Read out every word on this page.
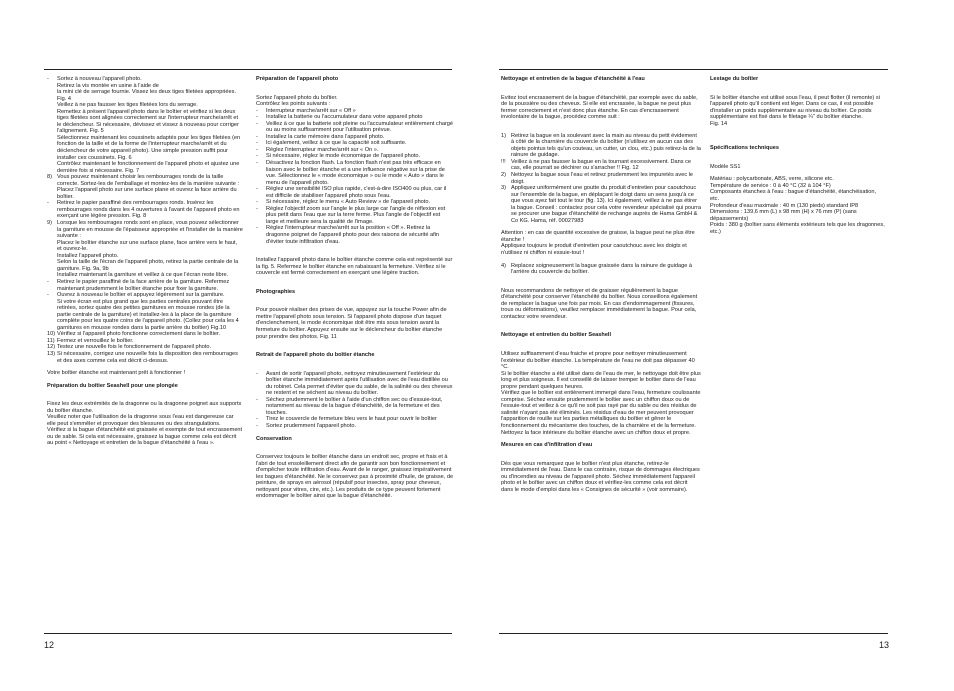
- Sortez à nouveau l'appareil photo.
Retirez la vis montée en usine à l'aide de
la mini clé de serrage fournie. Vissez les deux tiges filetées appropriées. Fig. 4
Veillez à ne pas fausser les tiges filetées lors du serrage.
Remettez à présent l'appareil photo dans le boîtier et vérifiez si les deux tiges filetées sont alignées correctement sur l'interrupteur marche/arrêt et le déclencheur. Si nécessaire, dévissez et vissez à nouveau pour corriger l'alignement. Fig. 5
Sélectionnez maintenant les coussinets adaptés pour les tiges filetées (en fonction de la taille et de la forme de l'interrupteur marche/arrêt et du déclencheur de votre appareil photo). Une simple pression suffit pour installer ces coussinets. Fig. 6
Contrôlez maintenant le fonctionnement de l'appareil photo et ajustez une dernière fois si nécessaire. Fig. 7
8) Vous pouvez maintenant choisir les rembourrages ronds de la taille correcte. Sortez-les de l'emballage et montez-les de la manière suivante :
Placez l'appareil photo sur une surface plane et ouvrez la face arrière du boîtier.
- Retirez le papier paraffiné des rembourrages ronds. Insérez les rembourrages ronds dans les 4 ouvertures à l'avant de l'appareil photo en exerçant une légère pression. Fig. 8
9) Lorsque les rembourrages ronds sont en place, vous pouvez sélectionner la garniture en mousse de l'épaisseur appropriée et l'installer de la manière suivante :
Placez le boîtier étanche sur une surface plane, face arrière vers le haut, et ouvrez-le.
Installez l'appareil photo.
Selon la taille de l'écran de l'appareil photo, retirez la partie centrale de la garniture. Fig. 9a, 9b
Installez maintenant la garniture et veillez à ce que l'écran reste libre.
- Retirez le papier paraffiné de la face arrière de la garniture. Refermez maintenant prudemment le boîtier étanche pour fixer la garniture.
- Ouvrez à nouveau le boîtier et appuyez légèrement sur la garniture.
Si votre écran est plus grand que les parties centrales pouvant être retirées, sortez quatre des petites garnitures en mousse rondes (de la partie centrale de la garniture) et installez-les à la place de la garniture complète pour les quatre coins de l'appareil photo. (Collez pour cela les 4 garnitures en mousse rondes dans la partie arrière du boîtier) Fig.10
10) Vérifiez si l'appareil photo fonctionne correctement dans le boîtier.
11) Fermez et verrouillez le boîtier.
12) Testez une nouvelle fois le fonctionnement de l'appareil photo.
13) Si nécessaire, corrigez une nouvelle fois la disposition des rembourrages et des axes comme cela est décrit ci-dessus.

Votre boîtier étanche est maintenant prêt à fonctionner !

Préparation du boîtier Seashell pour une plongée

Fixez les deux extrémités de la dragonne ou la dragonne poignet aux supports du boîtier étanche.

Veuillez noter que l'utilisation de la dragonne sous l'eau est dangereuse car elle peut s'emmêler et provoquer des blessures ou des strangulations.

Vérifiez si la bague d'étanchéité est graissée et exempte de tout encrassement ou de sable. Si cela est nécessaire, graissez la bague comme cela est décrit au point « Nettoyage et entretien de la bague d'étanchéité à l'eau ».

Préparation de l'appareil photo

Sortez l'appareil photo du boîtier.

Contrôlez les points suivants :

- Interrupteur marche/arrêt sur « Off »
- Installez la batterie ou l'accumulateur dans votre appareil photo
- Veillez à ce que la batterie soit pleine ou l'accumulateur entièrement chargé ou au moins suffisamment pour l'utilisation prévue.
- Installez la carte mémoire dans l'appareil photo.
- Ici également, veillez à ce que la capacité soit suffisante.
- Réglez l'interrupteur marche/arrêt sur « On ».
- Si nécessaire, réglez le mode économique de l'appareil photo.
- Désactivez la fonction flash. La fonction flash n'est pas très efficace en liaison avec le boîtier étanche et a une influence négative sur la prise de vue. Sélectionnez le « mode économique » ou le mode « Auto » dans le menu de l'appareil photo.
- Réglez une sensibilité ISO plus rapide, c'est-à-dire ISO400 ou plus, car il est difficile de stabiliser l'appareil photo sous l'eau.
- Si nécessaire, réglez le menu « Auto Review » de l'appareil photo.
- Réglez l'objectif zoom sur l'angle le plus large car l'angle de réflexion est plus petit dans l'eau que sur la terre ferme. Plus l'angle de l'objectif est large et meilleure sera la qualité de l'image.
- Réglez l'interrupteur marche/arrêt sur la position « Off ». Retirez la dragonne poignet de l'appareil photo pour des raisons de sécurité afin d'éviter toute infiltration d'eau.

Installez l'appareil photo dans le boîtier étanche comme cela est représenté sur la fig. 5. Refermez le boîtier étanche en rabaissant la fermeture. Vérifiez si le couvercle est fermé correctement en exerçant une légère traction.

Photographies

Pour pouvoir réaliser des prises de vue, appuyez sur la touche Power afin de mettre l'appareil photo sous tension. Si l'appareil photo dispose d'un taquet d'enclenchement, le mode économique doit être mis sous tension avant la fermeture du boîtier. Appuyez ensuite sur le déclencheur du boîtier étanche pour prendre des photos. Fig. 11

Retrait de l'appareil photo du boîtier étanche
- Avant de sortir l'appareil photo, nettoyez minutieusement l'extérieur du boîtier étanche immédiatement après l'utilisation avec de l'eau distillée ou du robinet. Cela permet d'éviter que du sable, de la salinité ou des cheveux ne restent et ne séchent au niveau du boîtier.
- Séchez prudemment le boîtier à l'aide d'un chiffon sec ou d'essuie-tout, notamment au niveau de la bague d'étanchéité, de la fermeture et des touches.
- Tirez le couvercle de fermeture bleu vers le haut pour ouvrir le boîtier
- Sortez prudemment l'appareil photo.
Conservation

Conservez toujours le boîtier étanche dans un endroit sec, propre et frais et à l'abri de tout ensoleillement direct afin de garantir son bon fonctionnement et d'empêcher toute infiltration d'eau. Avant de le ranger, graissez impérativement les bagues d'étanchéité. Ne le conservez pas à proximité d'huile, de graisse, de peinture, de sprays en aérosol (répulsif pour insectes, spray pour cheveux, nettoyant pour vitres, cire, etc.). Les produits de ce type peuvent fortement endommager le boîtier ainsi que la bague d'étanchéité.

12
Nettoyage et entretien de la bague d'étanchéité à l'eau

Evitez tout encrassement de la bague d'étanchéité, par exemple avec du sable, de la poussière ou des cheveux. Si elle est encrassée, la bague ne peut plus fermer correctement et n'est donc plus étanche. En cas d'encrassement involontaire de la bague, procédez comme suit :

1) Retirez la bague en la soulevant avec la main au niveau du petit évidement à côté de la charnière du couvercle du boîtier (n'utilisez en aucun cas des objets pointus tels qu'un couteau, un cutter, un clou, etc.) puis retirez-la de la rainure de guidage.
!!! Veillez à ne pas fausser la bague en la tournant excessivement. Dans ce cas, elle pourrait se déchirer ou s'arracher !! Fig. 12
2) Nettoyez la bague sous l'eau et retirez prudemment les impuretés avec le doigt.
3) Appliquez uniformément une goutte du produit d'entretien pour caoutchouc sur l'ensemble de la bague, en déplaçant le doigt dans un sens jusqu'à ce que vous ayez fait tout le tour (fig. 13). Ici également, veillez à ne pas étirer la bague. Conseil : contactez pour cela votre revendeur spécialisé qui pourra se procurer une bague d'étanchéité de rechange auprès de Hama GmbH & Co KG. Hama, réf. 00027983

Attention : en cas de quantité excessive de graisse, la bague peut ne plus être étanche !

Appliquez toujours le produit d'entretien pour caoutchouc avec les doigts et n'utilisez ni chiffon ni essuie-tout !

4) Replacez soigneusement la bague graissée dans la rainure de guidage à l'arrière du couvercle du boîtier.

Nous recommandons de nettoyer et de graisser régulièrement la bague d'étanchéité pour conserver l'étanchéité du boîtier. Nous conseillons également de remplacer la bague une fois par mois. En cas d'endommagement (fissures, trous ou déformations), veuillez remplacer immédiatement la bague. Pour cela, contactez votre revendeur.

Nettoyage et entretien du boîtier Seashell

Utilisez suffisamment d'eau fraiche et propre pour nettoyer minutieusement l'extérieur du boîtier étanche. La température de l'eau ne doit pas dépasser 40 °C.

Si le boîtier étanche a été utilisé dans de l'eau de mer, le nettoyage doit être plus long et plus soigneux. Il est conseillé de laisser tremper le boîtier dans de l'eau propre pendant quelques heures.

Vérifiez que le boîtier est entièrement immergé dans l'eau, fermeture coulissante comprise. Séchez ensuite prudemment le boîtier avec un chiffon doux ou de l'essuie-tout et veillez à ce qu'il ne soit pas rayé par du sable ou des résidus de salinité n'ayant pas été éliminés. Les résidus d'eau de mer peuvent provoquer l'apparition de rouille sur les parties métalliques du boîtier et gêner le fonctionnement du mécanisme des touches, de la charnière et de la fermeture. Nettoyez la face intérieure du boîtier étanche avec un chiffon doux et propre.

Mesures en cas d'infiltration d'eau

Dès que vous remarquez que le boîtier n'est plus étanche, retirez-le immédiatement de l'eau. Dans le cas contraire, risque de dommages électriques ou d'incendies au niveau de l'appareil photo. Séchez immédiatement l'appareil photo et le boîtier avec un chiffon doux et vérifiez-les comme cela est décrit dans le mode d'emploi dans les « Consignes de sécurité » (voir sommaire).

Lestage du boîtier

Si le boîtier étanche est utilisé sous l'eau, il peut flotter (il remonte) si l'appareil photo qu'il contient est léger. Dans ce cas, il est possible d'installer un poids supplémentaire au niveau du boîtier. Ce poids supplémentaire est fixé dans le filetage ¼" du boîtier étanche.

Fig. 14

Spécifications techniques

Modèle SS1

Matériau : polycarbonate, ABS, verre, silicone etc.

Température de service : 0 à 40 °C (32 à 104 °F)

Composants étanches à l'eau : bague d'étanchéité, étanchéisation, etc.

Profondeur d'eau maximale : 40 m (130 pieds) standard IP8

Dimensions : 139,6 mm (L) x 98 mm (H) x 76 mm (P) (sans dépassements)

Poids : 380 g (boîtier sans éléments extérieurs tels que les dragonnes, etc.)

13
